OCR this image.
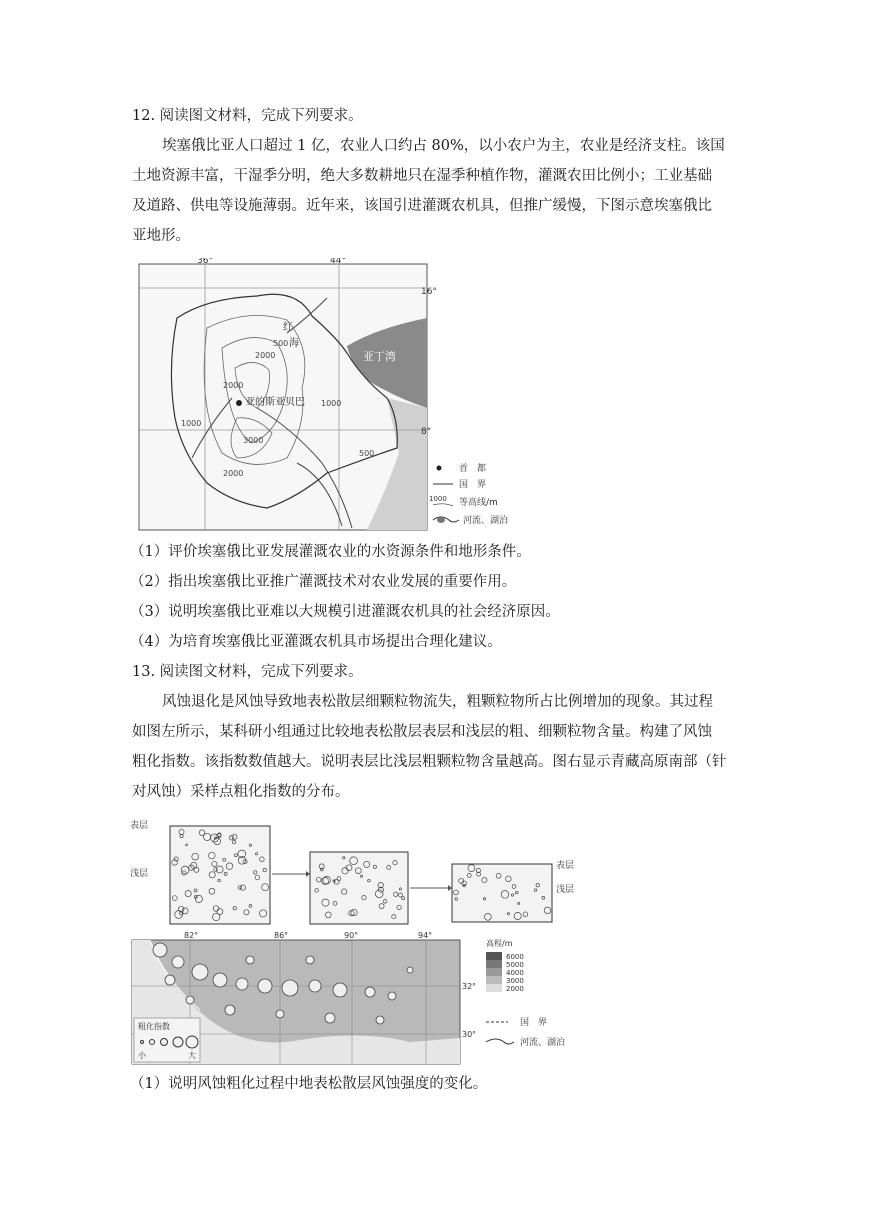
12. 阅读图文材料，完成下列要求。
埃塞俄比亚人口超过 1 亿，农业人口约占 80%，以小农户为主，农业是经济支柱。该国
土地资源丰富，干湿季分明，绝大多数耕地只在湿季种植作物，灌溉农田比例小；工业基础
及道路、供电等设施薄弱。近年来，该国引进灌溉农机具，但推广缓慢，下图示意埃塞俄比
亚地形。
36°	44°
16°
8°
红
海
亚丁湾
亚的斯亚贝巴
500
2000
1000
2000
1000
3000
500
2000	首　都
国　界
1000 等高线/m
河流、湖泊
（1）评价埃塞俄比亚发展灌溉农业的水资源条件和地形条件。
（2）指出埃塞俄比亚推广灌溉技术对农业发展的重要作用。
（3）说明埃塞俄比亚难以大规模引进灌溉农机具的社会经济原因。
（4）为培育埃塞俄比亚灌溉农机具市场提出合理化建议。
13. 阅读图文材料，完成下列要求。
风蚀退化是风蚀导致地表松散层细颗粒物流失，粗颗粒物所占比例增加的现象。其过程
如图左所示，某科研小组通过比较地表松散层表层和浅层的粗、细颗粒物含量。构建了风蚀
粗化指数。该指数数值越大。说明表层比浅层粗颗粒物含量越高。图右显示青藏高原南部（针
对风蚀）采样点粗化指数的分布。
表层
浅层
表层
浅层
82°	86°	90°	94°
32°
30°
粗化指数
小	大
高程/m
6000
5000
4000
3000
2000
国　界
河流、湖泊
（1）说明风蚀粗化过程中地表松散层风蚀强度的变化。
